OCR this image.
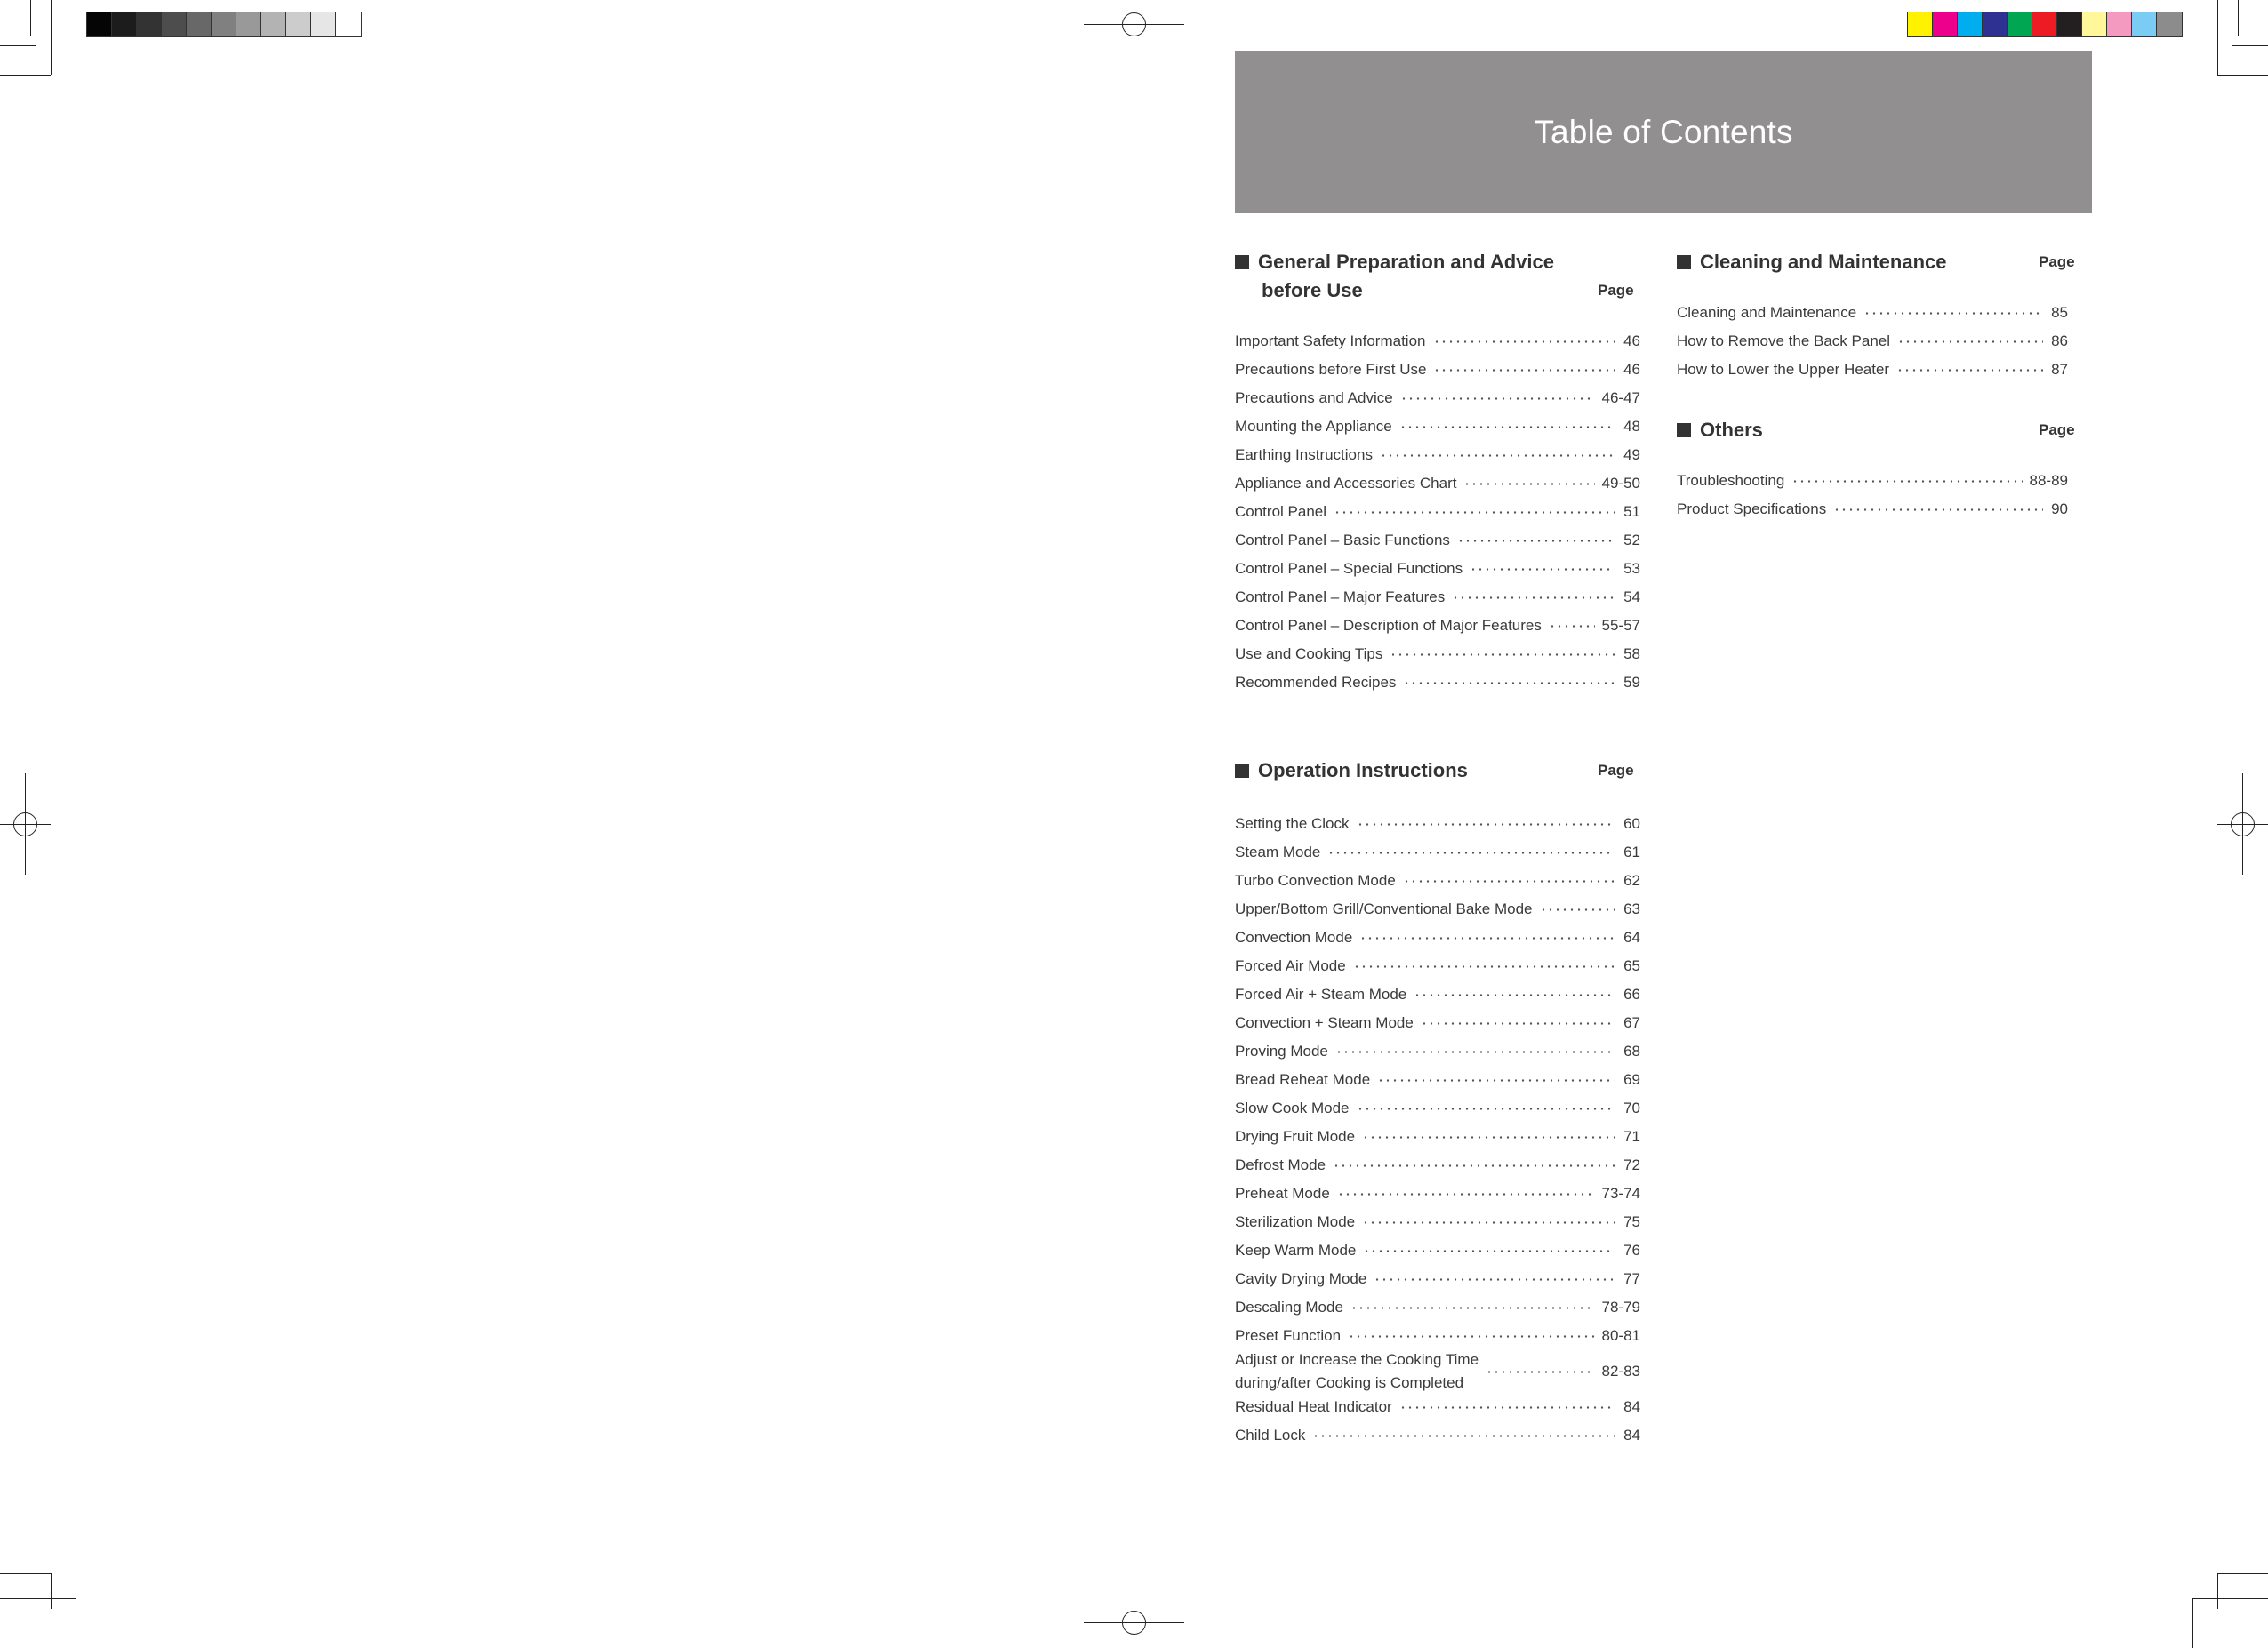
Table of Contents
General Preparation and Advice
before Use	Page
Important Safety Information	46
Precautions before First Use	46
Precautions and Advice	46-47
Mounting the Appliance	48
Earthing Instructions	49
Appliance and Accessories Chart	49-50
Control Panel	51
Control Panel – Basic Functions	52
Control Panel – Special Functions	53
Control Panel – Major Features	54
Control Panel – Description of Major Features	55-57
Use and Cooking Tips	58
Recommended Recipes	59
Operation Instructions	Page
Setting the Clock	60
Steam Mode	61
Turbo Convection Mode	62
Upper/Bottom Grill/Conventional Bake Mode	63
Convection Mode	64
Forced Air Mode	65
Forced Air + Steam Mode	66
Convection + Steam Mode	67
Proving Mode	68
Bread Reheat Mode	69
Slow Cook Mode	70
Drying Fruit Mode	71
Defrost Mode	72
Preheat Mode	73-74
Sterilization Mode	75
Keep Warm Mode	76
Cavity Drying Mode	77
Descaling Mode	78-79
Preset Function	80-81
Adjust or Increase the Cooking Time
during/after Cooking is Completed
82-83
Residual Heat Indicator	84
Child Lock	84
Cleaning and Maintenance	Page
Cleaning and Maintenance	85
How to Remove the Back Panel	86
How to Lower the Upper Heater	87
Others	Page
Troubleshooting	88-89
Product Specifications	90
